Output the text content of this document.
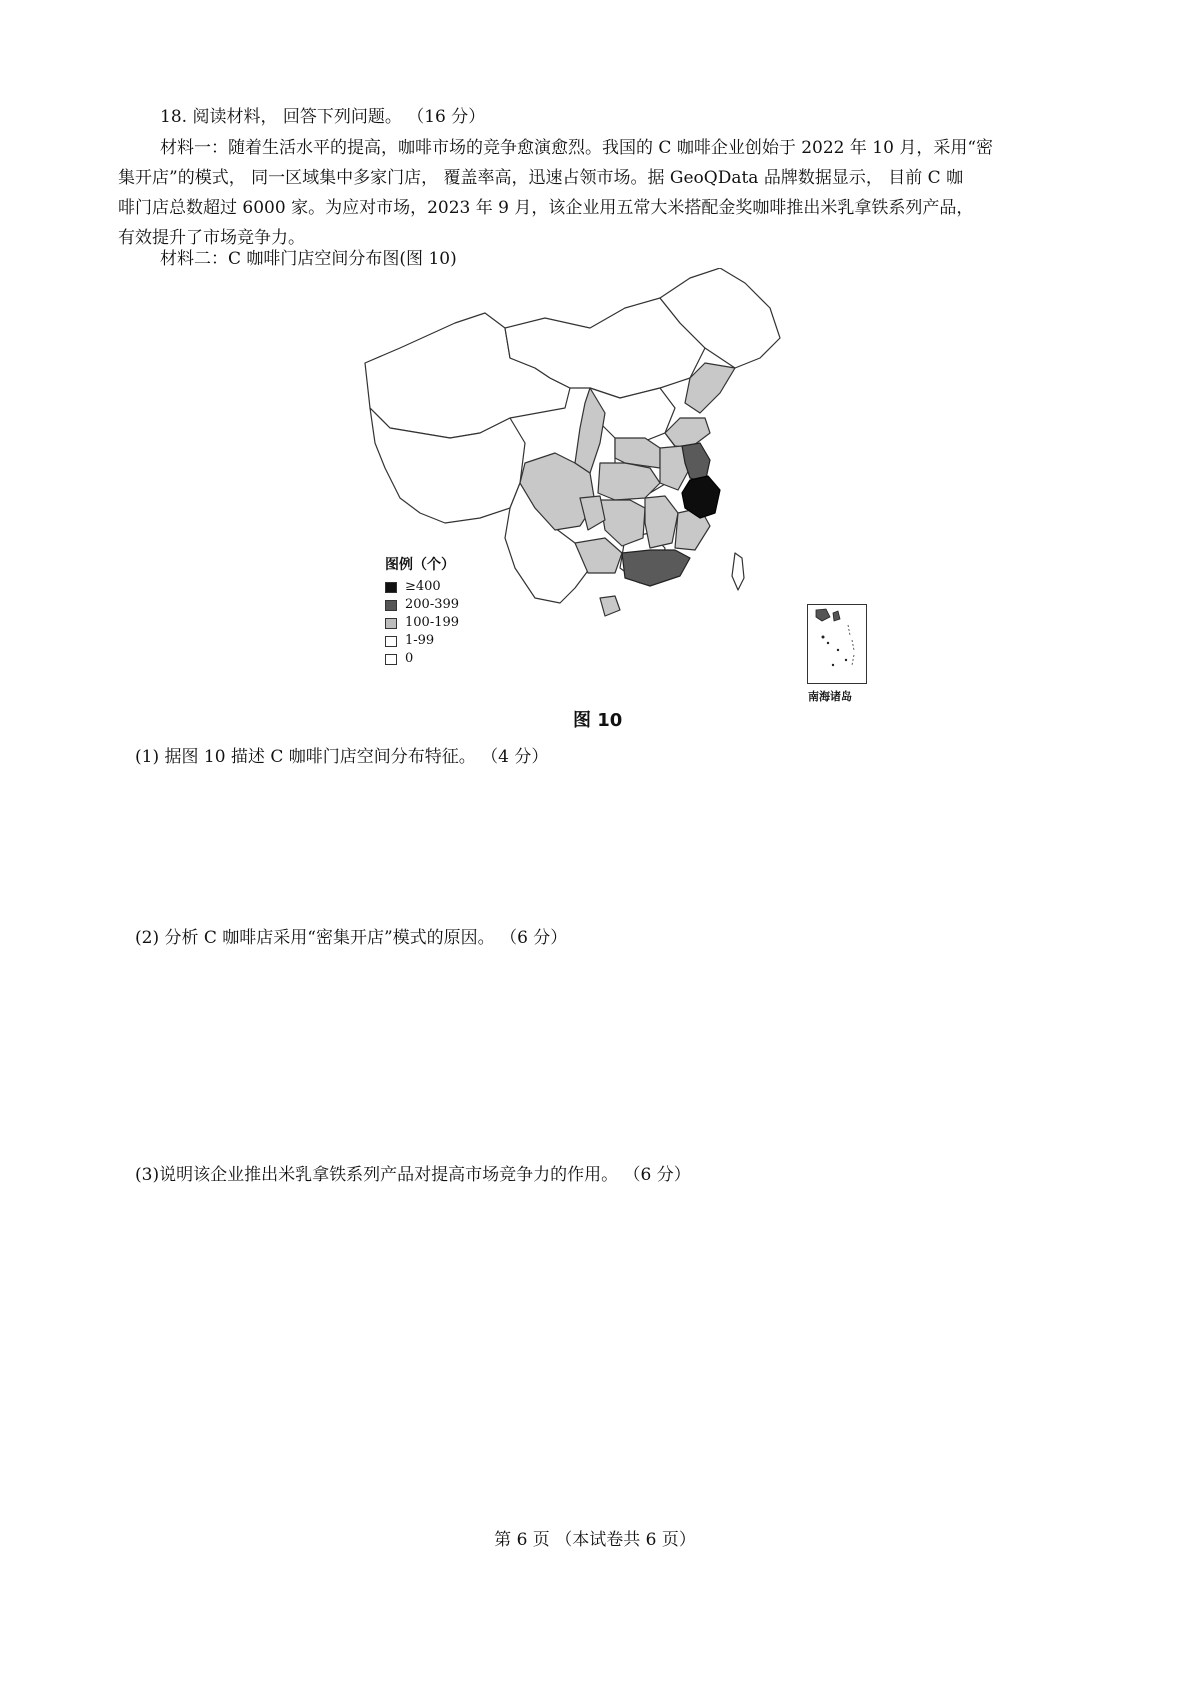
18. 阅读材料， 回答下列问题。 （16 分）
材料一：随着生活水平的提高，咖啡市场的竞争愈演愈烈。我国的 C 咖啡企业创始于 2022 年 10 月，采用“密
集开店”的模式， 同一区域集中多家门店， 覆盖率高，迅速占领市场。据 GeoQData 品牌数据显示， 目前 C 咖
啡门店总数超过 6000 家。为应对市场，2023 年 9 月，该企业用五常大米搭配金奖咖啡推出米乳拿铁系列产品，
有效提升了市场竞争力。
材料二：C 咖啡门店空间分布图(图 10)
图例（个）
≥400
200-399
100-199
1-99
0
南海诸岛
图 10
(1) 据图 10 描述 C 咖啡门店空间分布特征。 （4 分）
(2) 分析 C 咖啡店采用“密集开店”模式的原因。 （6 分）
(3)说明该企业推出米乳拿铁系列产品对提高市场竞争力的作用。 （6 分）
第 6 页 （本试卷共 6 页）
